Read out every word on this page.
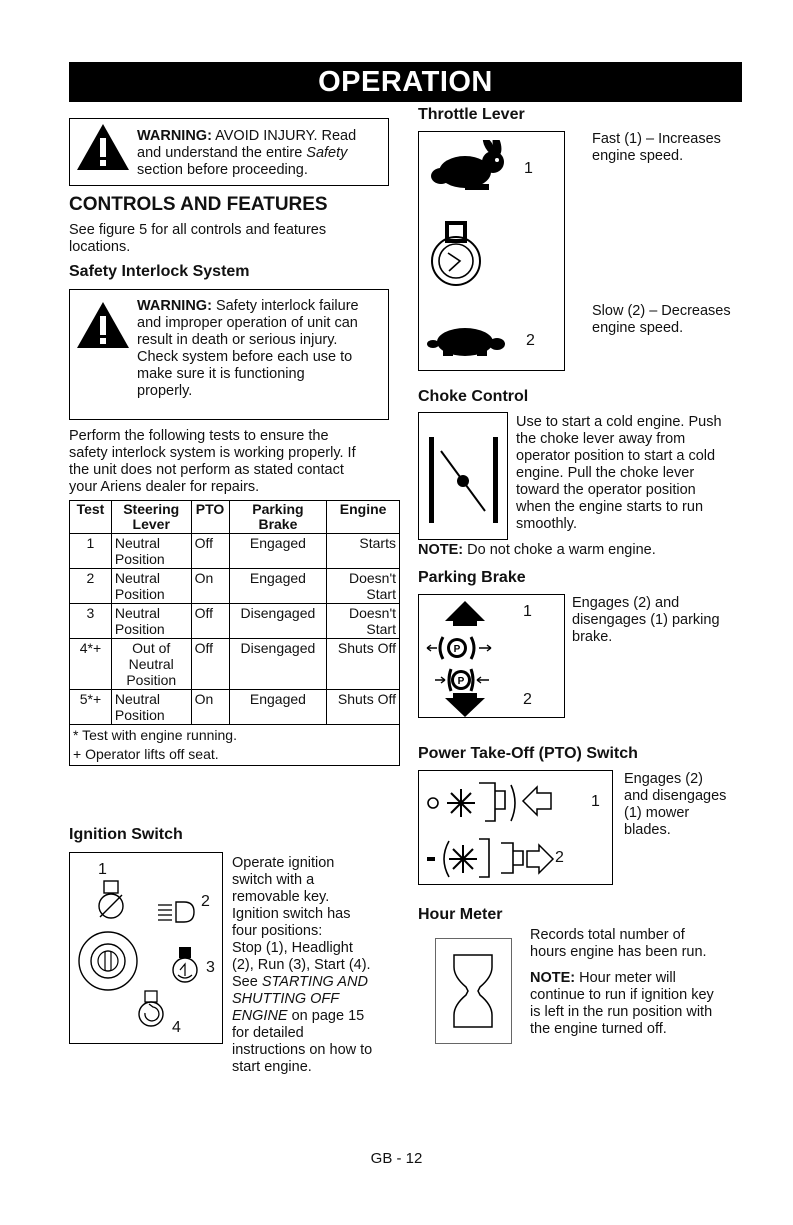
OPERATION
WARNING: AVOID INJURY. Read
and understand the entire Safety
section before proceeding.
CONTROLS AND FEATURES
See figure 5 for all controls and features
locations.
Safety Interlock System
WARNING: Safety interlock failure
and improper operation of unit can
result in death or serious injury.
Check system before each use to
make sure it is functioning
properly.
Perform the following tests to ensure the
safety interlock system is working properly. If
the unit does not perform as stated contact
your Ariens dealer for repairs.
Test	Steering Lever	PTO	Parking Brake	Engine
1	Neutral Position	Off	Engaged	Starts
2	Neutral Position	On	Engaged	Doesn't Start
3	Neutral Position	Off	Disengaged	Doesn't Start
4*+	Out of Neutral Position	Off	Disengaged	Shuts Off
5*+	Neutral Position	On	Engaged	Shuts Off

* Test with engine running.
+ Operator lifts off seat.				
Ignition Switch
1
2
3
4
Operate ignition
switch with a
removable key.
Ignition switch has
four positions:
Stop (1), Headlight
(2), Run (3), Start (4).
See STARTING AND
SHUTTING OFF
ENGINE on page 15
for detailed
instructions on how to
start engine.
Throttle Lever
1
2
Fast (1) – Increases
engine speed.
Slow (2) – Decreases
engine speed.
Choke Control
Use to start a cold engine. Push
the choke lever away from
operator position to start a cold
engine. Pull the choke lever
toward the operator position
when the engine starts to run
smoothly.
NOTE: Do not choke a warm engine.
Parking Brake
1
P
P
2
Engages (2) and
disengages (1) parking
brake.
Power Take-Off (PTO) Switch
1
2
Engages (2)
and disengages
(1) mower
blades.
Hour Meter
Records total number of
hours engine has been run.
NOTE: Hour meter will
continue to run if ignition key
is left in the run position with
the engine turned off.
GB - 12
